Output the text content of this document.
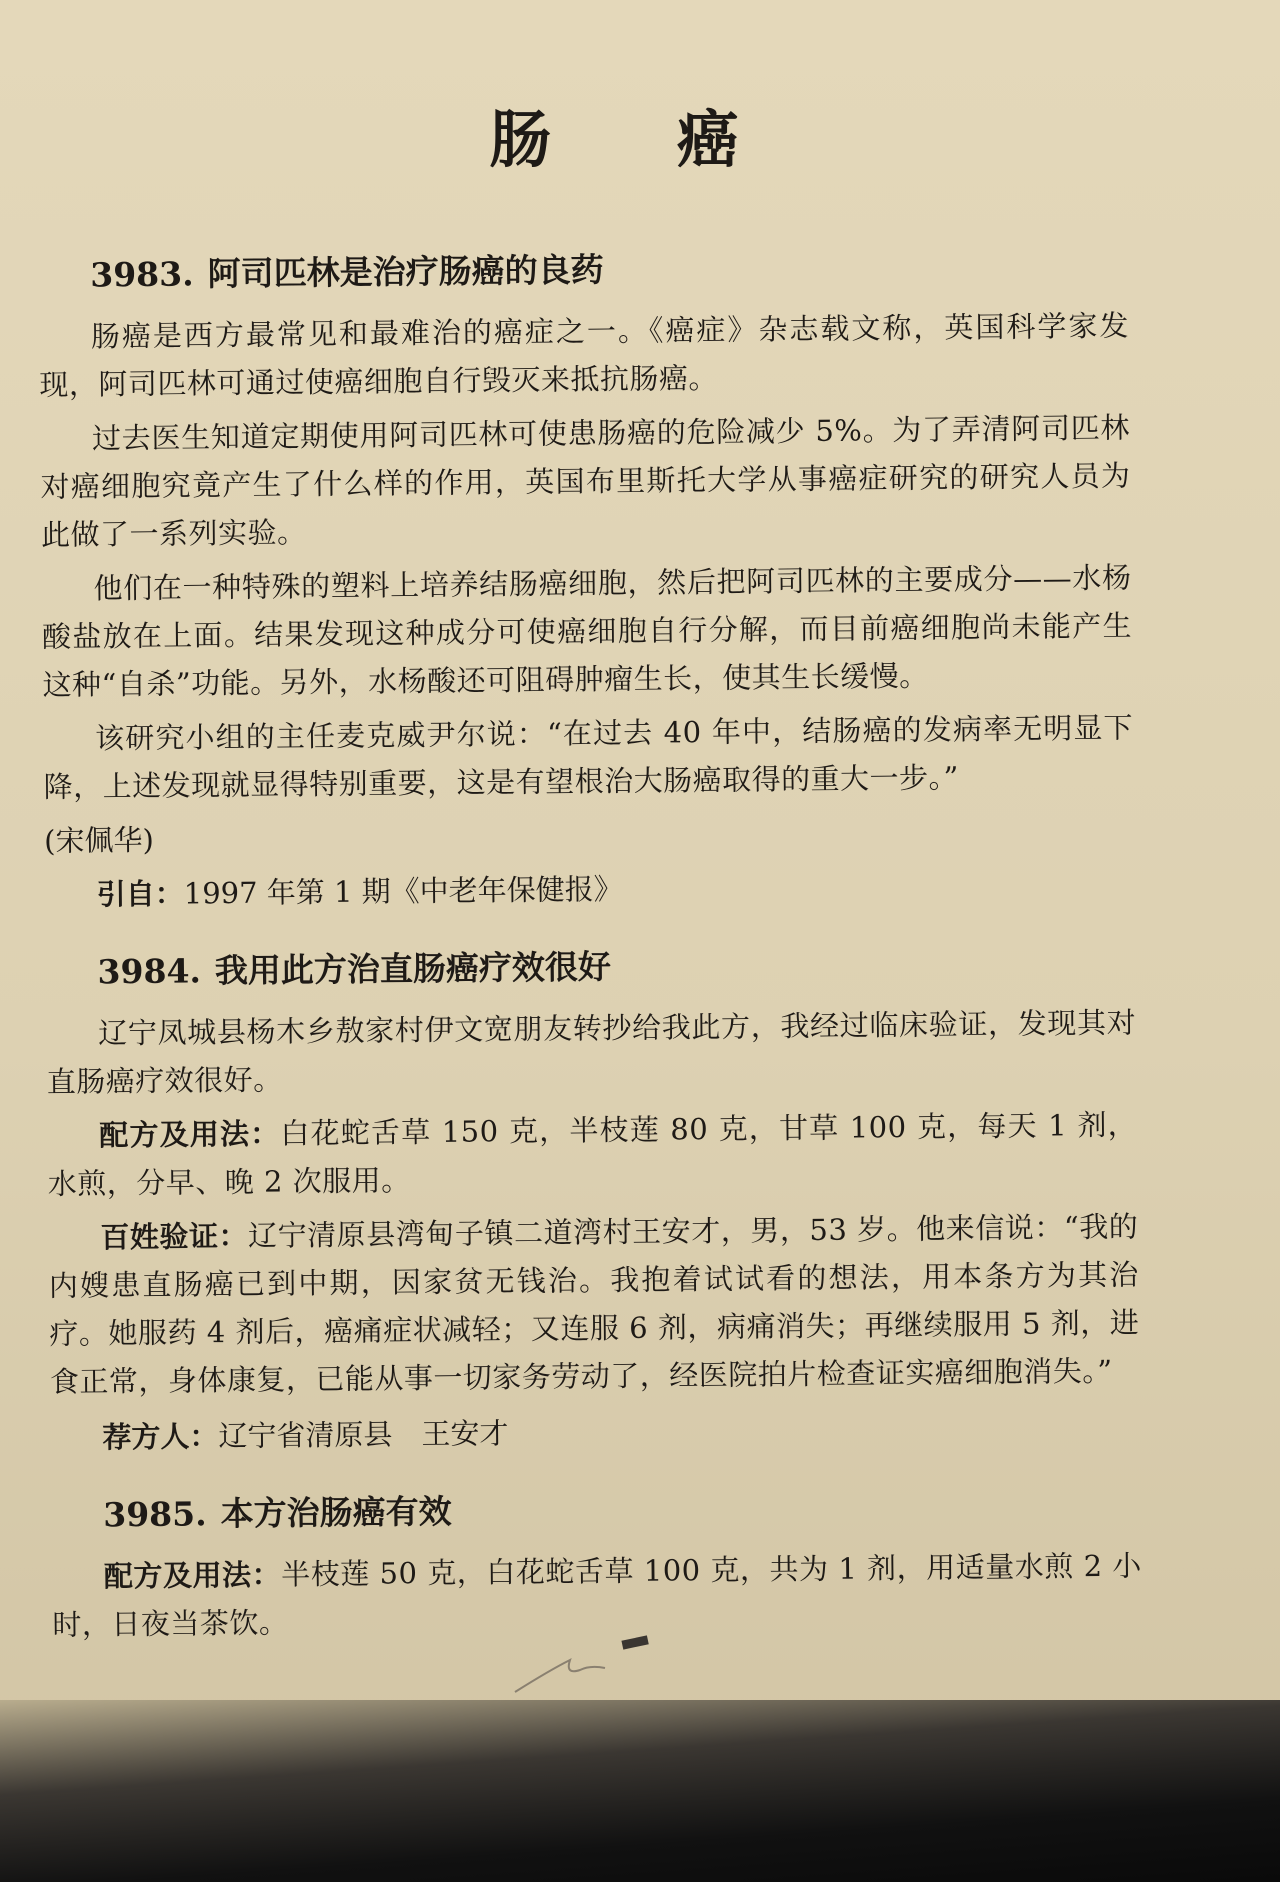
肠 癌
3983. 阿司匹林是治疗肠癌的良药

肠癌是西方最常见和最难治的癌症之一。《癌症》杂志载文称，英国科学家发现，阿司匹林可通过使癌细胞自行毁灭来抵抗肠癌。

过去医生知道定期使用阿司匹林可使患肠癌的危险减少 5%。为了弄清阿司匹林对癌细胞究竟产生了什么样的作用，英国布里斯托大学从事癌症研究的研究人员为此做了一系列实验。

他们在一种特殊的塑料上培养结肠癌细胞，然后把阿司匹林的主要成分——水杨酸盐放在上面。结果发现这种成分可使癌细胞自行分解，而目前癌细胞尚未能产生这种“自杀”功能。另外，水杨酸还可阻碍肿瘤生长，使其生长缓慢。

该研究小组的主任麦克威尹尔说：“在过去 40 年中，结肠癌的发病率无明显下降，上述发现就显得特别重要，这是有望根治大肠癌取得的重大一步。”

(宋佩华)

引自：1997 年第 1 期《中老年保健报》

3984. 我用此方治直肠癌疗效很好

辽宁凤城县杨木乡敖家村伊文宽朋友转抄给我此方，我经过临床验证，发现其对直肠癌疗效很好。

配方及用法：白花蛇舌草 150 克，半枝莲 80 克，甘草 100 克，每天 1 剂，水煎，分早、晚 2 次服用。

百姓验证：辽宁清原县湾甸子镇二道湾村王安才，男，53 岁。他来信说：“我的内嫂患直肠癌已到中期，因家贫无钱治。我抱着试试看的想法，用本条方为其治疗。她服药 4 剂后，癌痛症状减轻；又连服 6 剂，病痛消失；再继续服用 5 剂，进食正常，身体康复，已能从事一切家务劳动了，经医院拍片检查证实癌细胞消失。”

荐方人：辽宁省清原县　王安才

3985. 本方治肠癌有效

配方及用法：半枝莲 50 克，白花蛇舌草 100 克，共为 1 剂，用适量水煎 2 小时，日夜当茶饮。
